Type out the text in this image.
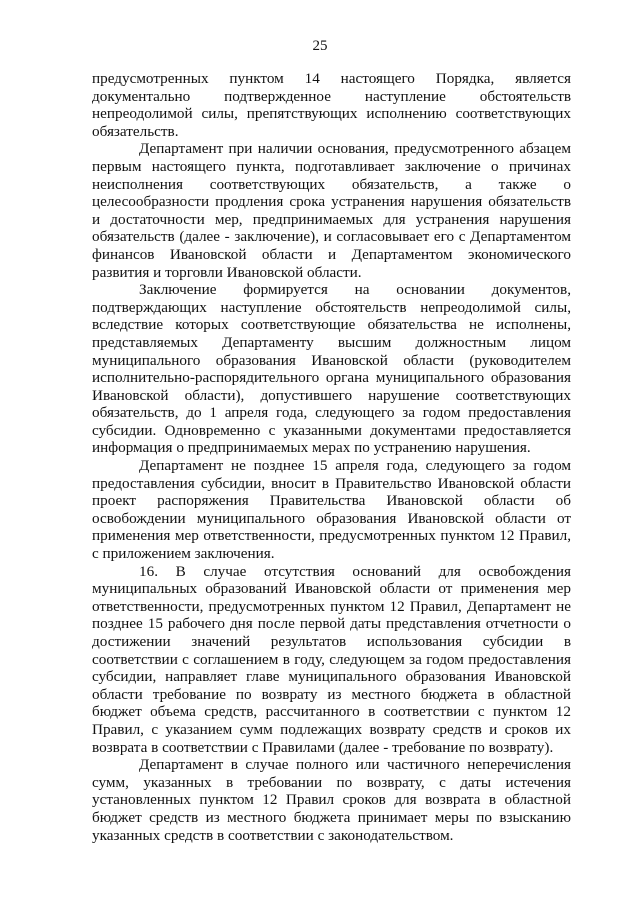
25

предусмотренных пунктом 14 настоящего Порядка, является документально подтвержденное наступление обстоятельств непреодолимой силы, препятствующих исполнению соответствующих обязательств.

Департамент при наличии основания, предусмотренного абзацем первым настоящего пункта, подготавливает заключение о причинах неисполнения соответствующих обязательств, а также о целесообразности продления срока устранения нарушения обязательств и достаточности мер, предпринимаемых для устранения нарушения обязательств (далее - заключение), и согласовывает его с Департаментом финансов Ивановской области и Департаментом экономического развития и торговли Ивановской области.

Заключение формируется на основании документов, подтверждающих наступление обстоятельств непреодолимой силы, вследствие которых соответствующие обязательства не исполнены, представляемых Департаменту высшим должностным лицом муниципального образования Ивановской области (руководителем исполнительно-распорядительного органа муниципального образования Ивановской области), допустившего нарушение соответствующих обязательств, до 1 апреля года, следующего за годом предоставления субсидии. Одновременно с указанными документами предоставляется информация о предпринимаемых мерах по устранению нарушения.

Департамент не позднее 15 апреля года, следующего за годом предоставления субсидии, вносит в Правительство Ивановской области проект распоряжения Правительства Ивановской области об освобождении муниципального образования Ивановской области от применения мер ответственности, предусмотренных пунктом 12 Правил, с приложением заключения.

16. В случае отсутствия оснований для освобождения муниципальных образований Ивановской области от применения мер ответственности, предусмотренных пунктом 12 Правил, Департамент не позднее 15 рабочего дня после первой даты представления отчетности о достижении значений результатов использования субсидии в соответствии с соглашением в году, следующем за годом предоставления субсидии, направляет главе муниципального образования Ивановской области требование по возврату из местного бюджета в областной бюджет объема средств, рассчитанного в соответствии с пунктом 12 Правил, с указанием сумм подлежащих возврату средств и сроков их возврата в соответствии с Правилами (далее - требование по возврату).

Департамент в случае полного или частичного неперечисления сумм, указанных в требовании по возврату, с даты истечения установленных пунктом 12 Правил сроков для возврата в областной бюджет средств из местного бюджета принимает меры по взысканию указанных средств в соответствии с законодательством.
